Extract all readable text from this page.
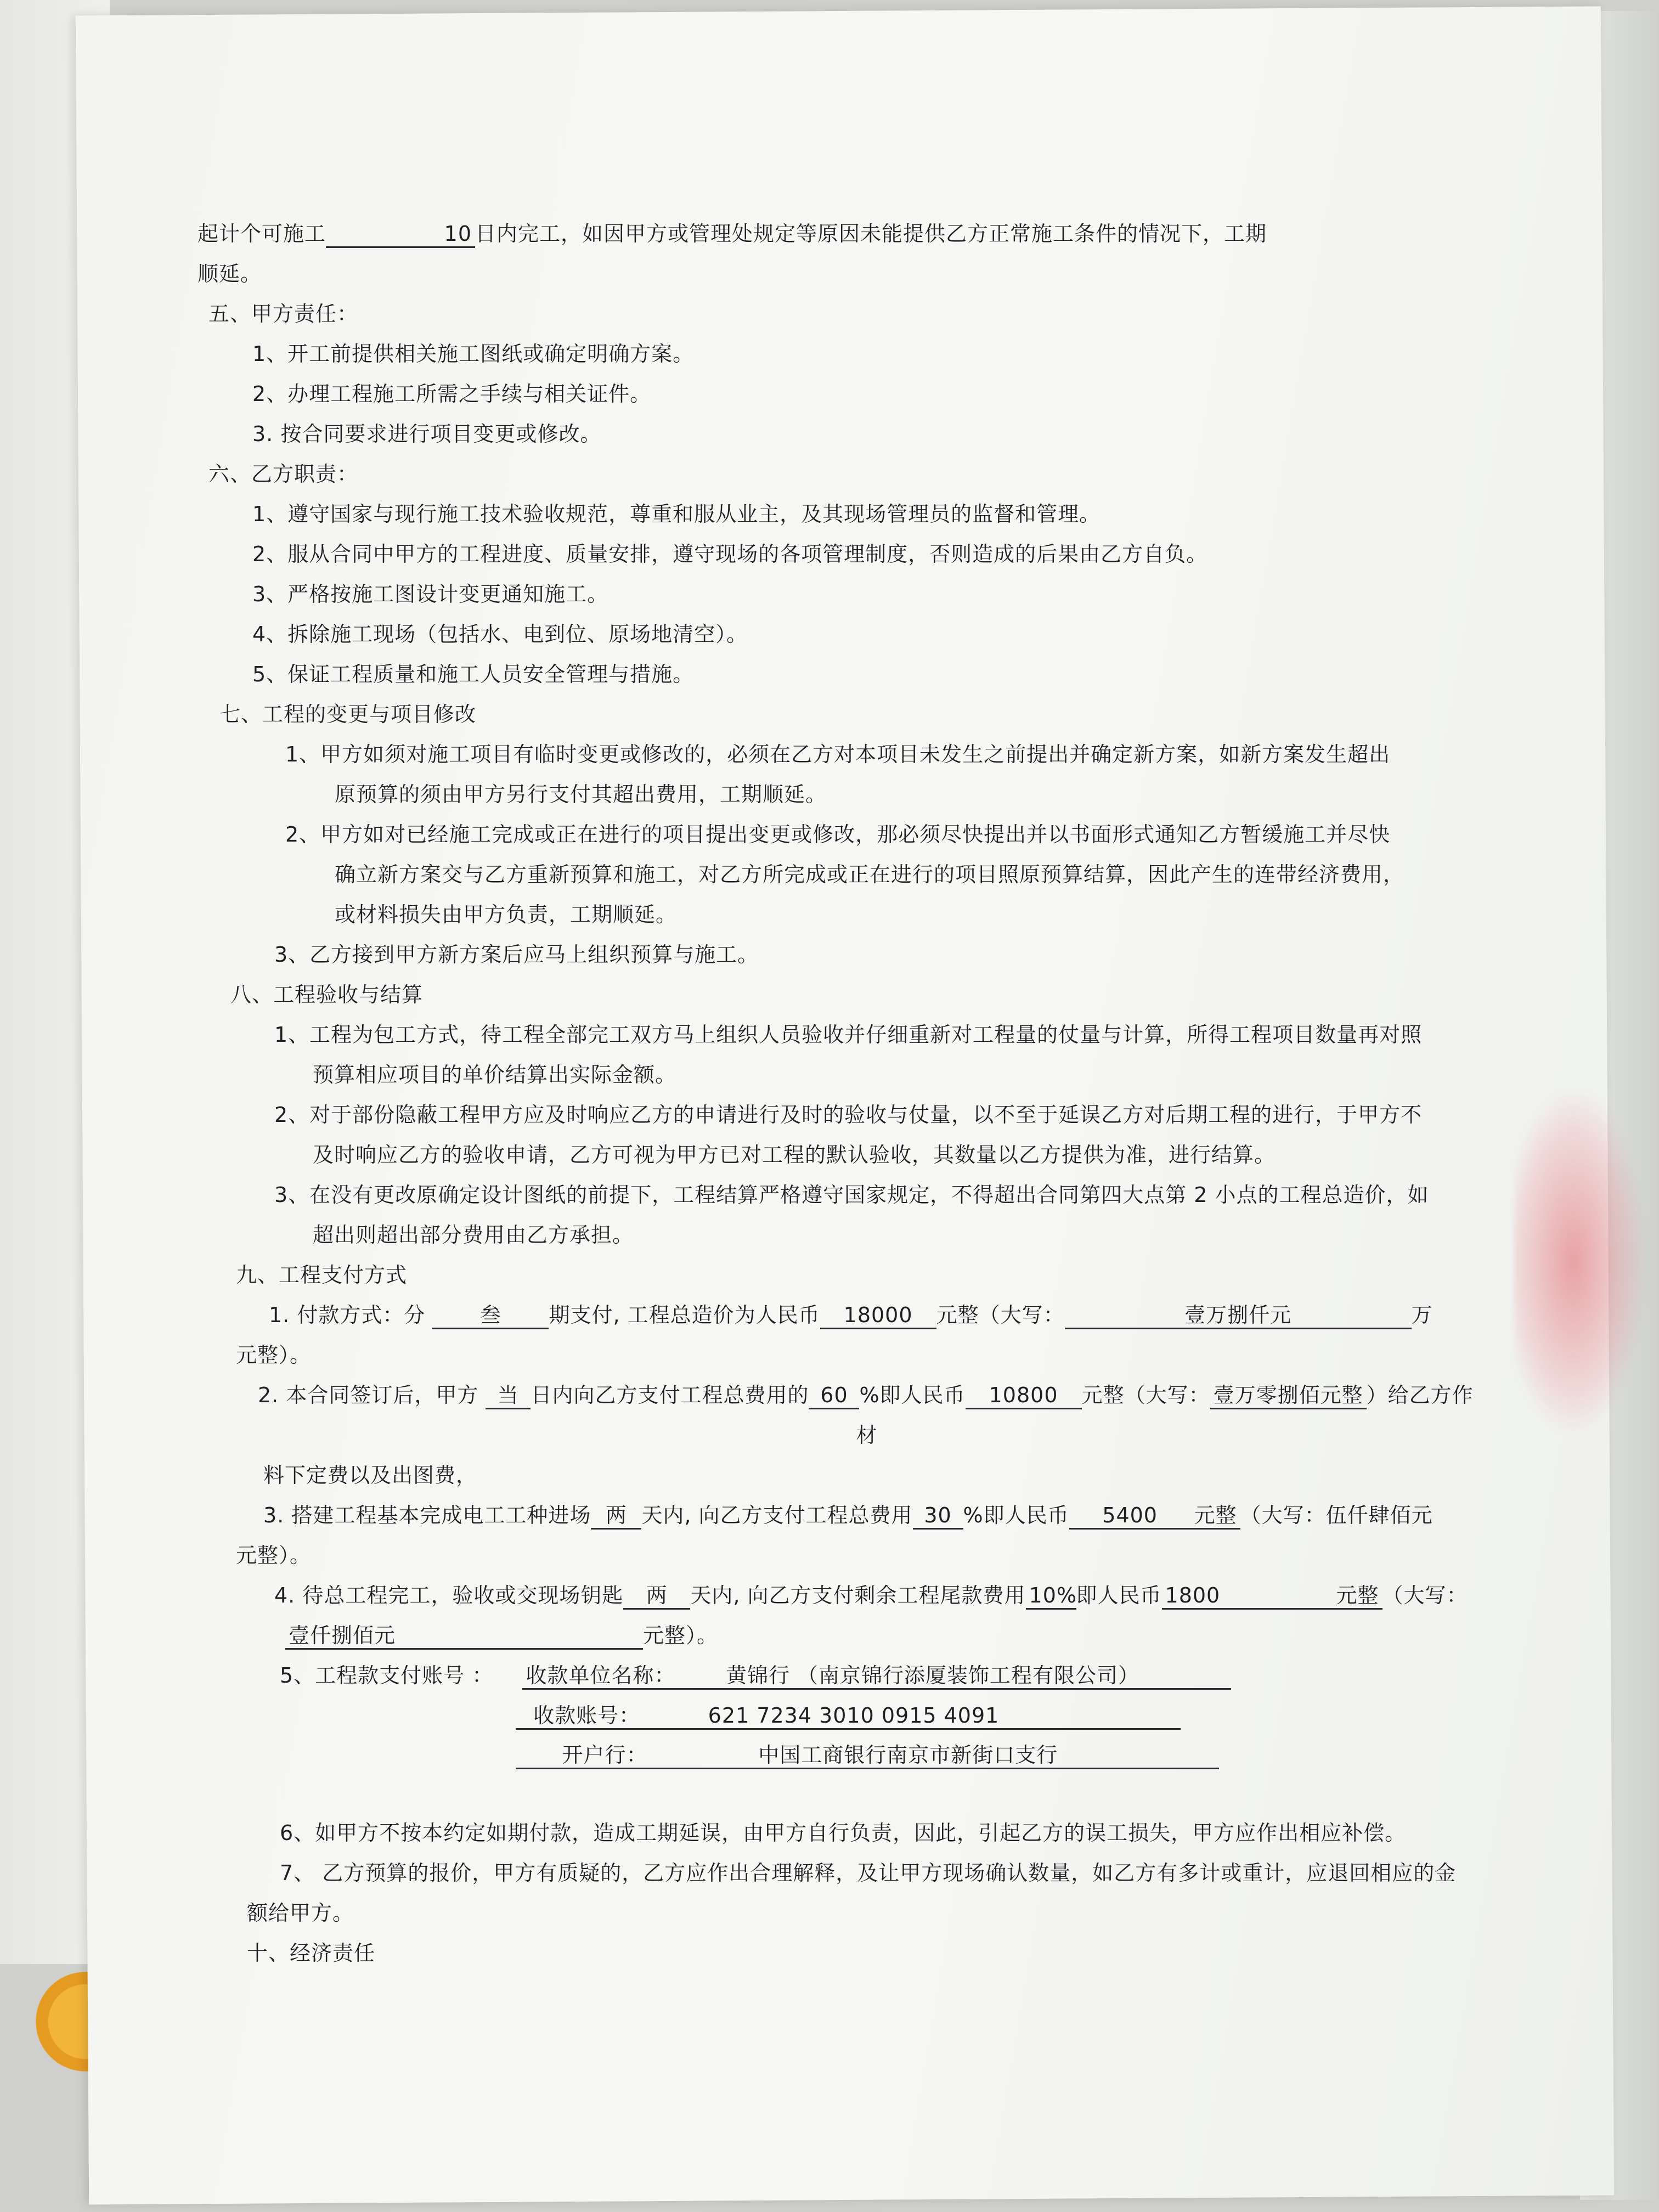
起计个可施工	10 日内完工，如因甲方或管理处规定等原因未能提供乙方正常施工条件的情况下，工期
顺延。
五、甲方责任：
1、开工前提供相关施工图纸或确定明确方案。
2、办理工程施工所需之手续与相关证件。
3. 按合同要求进行项目变更或修改。
六、乙方职责：
1、遵守国家与现行施工技术验收规范，尊重和服从业主，及其现场管理员的监督和管理。
2、服从合同中甲方的工程进度、质量安排，遵守现场的各项管理制度，否则造成的后果由乙方自负。
3、严格按施工图设计变更通知施工。
4、拆除施工现场（包括水、电到位、原场地清空）。
5、保证工程质量和施工人员安全管理与措施。
七、工程的变更与项目修改
1、甲方如须对施工项目有临时变更或修改的，必须在乙方对本项目未发生之前提出并确定新方案，如新方案发生超出
原预算的须由甲方另行支付其超出费用，工期顺延。
2、甲方如对已经施工完成或正在进行的项目提出变更或修改，那必须尽快提出并以书面形式通知乙方暂缓施工并尽快
确立新方案交与乙方重新预算和施工，对乙方所完成或正在进行的项目照原预算结算，因此产生的连带经济费用，
或材料损失由甲方负责，工期顺延。
3、乙方接到甲方新方案后应马上组织预算与施工。
八、工程验收与结算
1、工程为包工方式，待工程全部完工双方马上组织人员验收并仔细重新对工程量的仗量与计算，所得工程项目数量再对照
预算相应项目的单价结算出实际金额。
2、对于部份隐蔽工程甲方应及时响应乙方的申请进行及时的验收与仗量，以不至于延误乙方对后期工程的进行，于甲方不
及时响应乙方的验收申请，乙方可视为甲方已对工程的默认验收，其数量以乙方提供为准，进行结算。
3、在没有更改原确定设计图纸的前提下，工程结算严格遵守国家规定，不得超出合同第四大点第 2 小点的工程总造价，如
超出则超出部分费用由乙方承担。
九、工程支付方式
1. 付款方式：分	叁 期支付, 工程总造价为人民币 18000 元整（大写：	壹万捌仟元	万
元整）。
2. 本合同签订后，甲方 当 日内向乙方支付工程总费用的 60 %即人民币 10800 元整（大写： 壹万零捌佰元整 ）给乙方作
材
料下定费以及出图费，
3. 搭建工程基本完成电工工种进场 两 天内, 向乙方支付工程总费用 30 %即人民币 5400 元整 （大写：伍仟肆佰元
元整）。
4. 待总工程完工，验收或交现场钥匙 两 天内, 向乙方支付剩余工程尾款费用 10%即人民币 1800	元整 （大写：
壹仟捌佰元	元整）。
5、工程款支付账号 ： 收款单位名称： 黄锦行 （南京锦行添厦装饰工程有限公司）
收款账号：	621 7234 3010 0915 4091
开户行：	中国工商银行南京市新街口支行
6、如甲方不按本约定如期付款，造成工期延误，由甲方自行负责，因此，引起乙方的误工损失，甲方应作出相应补偿。
7、 乙方预算的报价，甲方有质疑的，乙方应作出合理解释，及让甲方现场确认数量，如乙方有多计或重计，应退回相应的金
额给甲方。
十、经济责任
